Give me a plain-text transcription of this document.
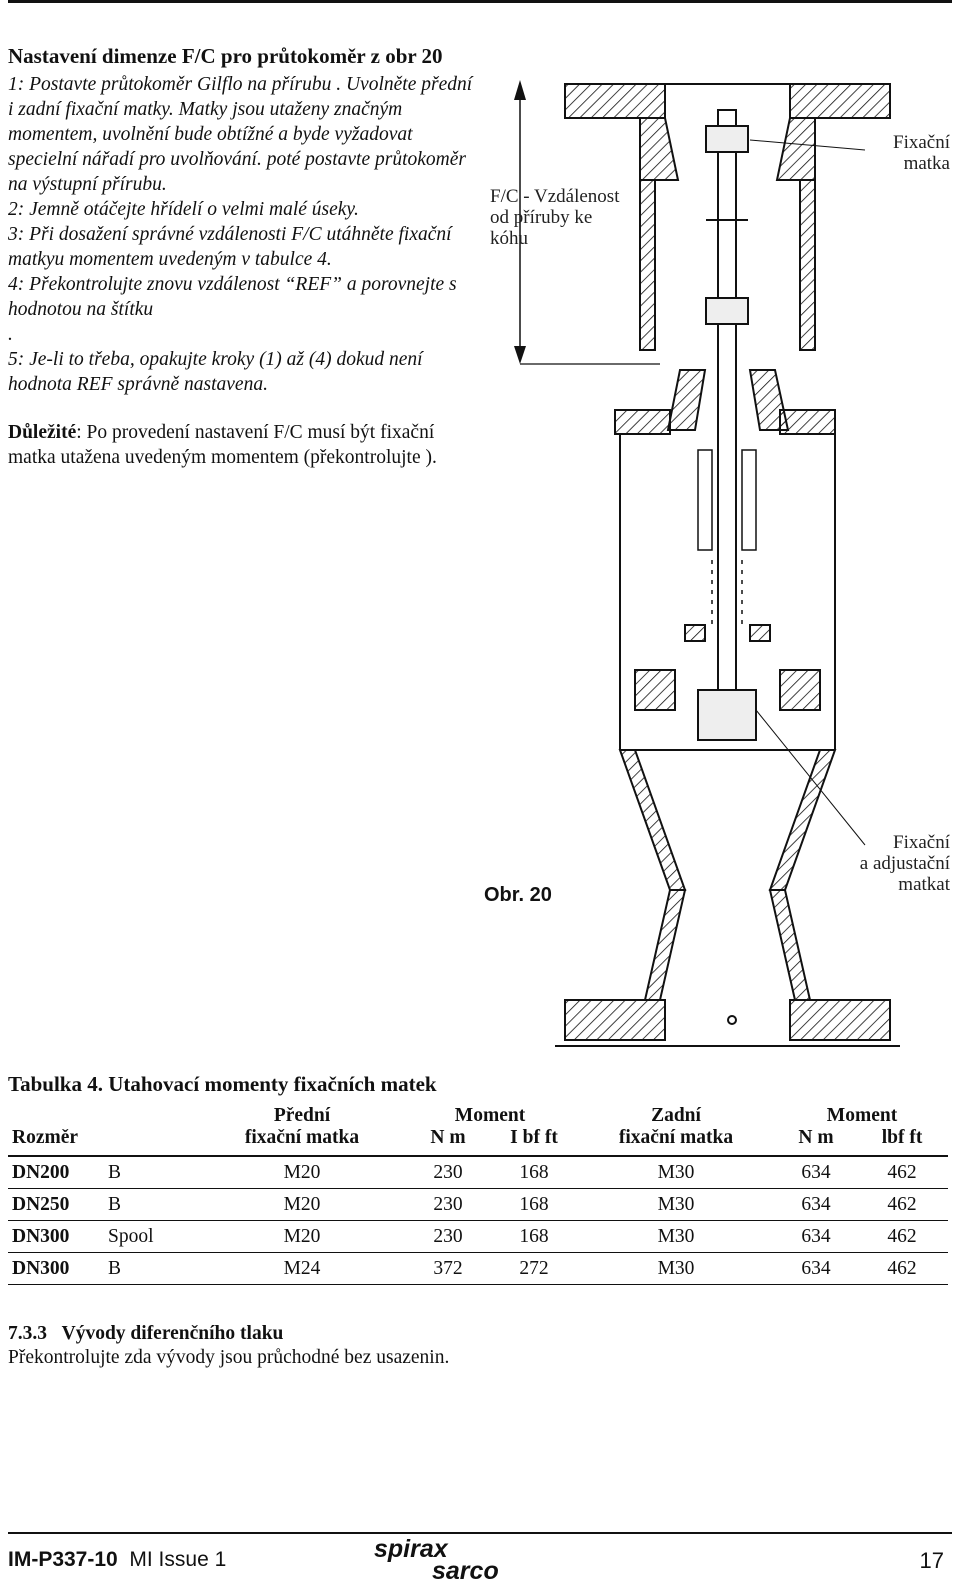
Nastavení dimenze F/C pro průtokoměr z obr 20

1: Postavte průtokoměr Gilflo na přírubu . Uvolněte přední i zadní fixační matky. Matky jsou utaženy značným momentem, uvolnění bude obtížné a byde vyžadovat specielní nářadí pro uvolňování. poté postavte průtokoměr na výstupní přírubu.

2: Jemně otáčejte hřídelí o velmi malé úseky.

3: Při dosažení správné vzdálenosti F/C utáhněte fixační matkyu momentem uvedeným v tabulce 4.

4: Překontrolujte znovu vzdálenost “REF” a porovnejte s hodnotou na štítku

.

5: Je-li to třeba, opakujte kroky (1) až (4) dokud není hodnota REF správně nastavena.

Důležité: Po provedení nastavení F/C musí být fixační matka utažena uvedeným momentem (překontrolujte ).
F/C - Vzdálenost
od příruby ke
kóhu
Fixační
matka
Fixační
a adjustační
matkat
Obr. 20
Tabulka 4. Utahovací momenty fixačních matek
		Přední	Moment		Zadní	Moment	
Rozměr		fixační matka	N m	I bf ft	fixační matka	N m	lbf ft
DN200	B	M20	230	168	M30	634	462
DN250	B	M20	230	168	M30	634	462
DN300	Spool	M20	230	168	M30	634	462
DN300	B	M24	372	272	M30	634	462
7.3.3 Vývody diferenčního tlaku
Překontrolujte zda vývody jsou průchodné bez usazenin.
IM-P337-10 MI Issue 1	spirax
sarco	17
